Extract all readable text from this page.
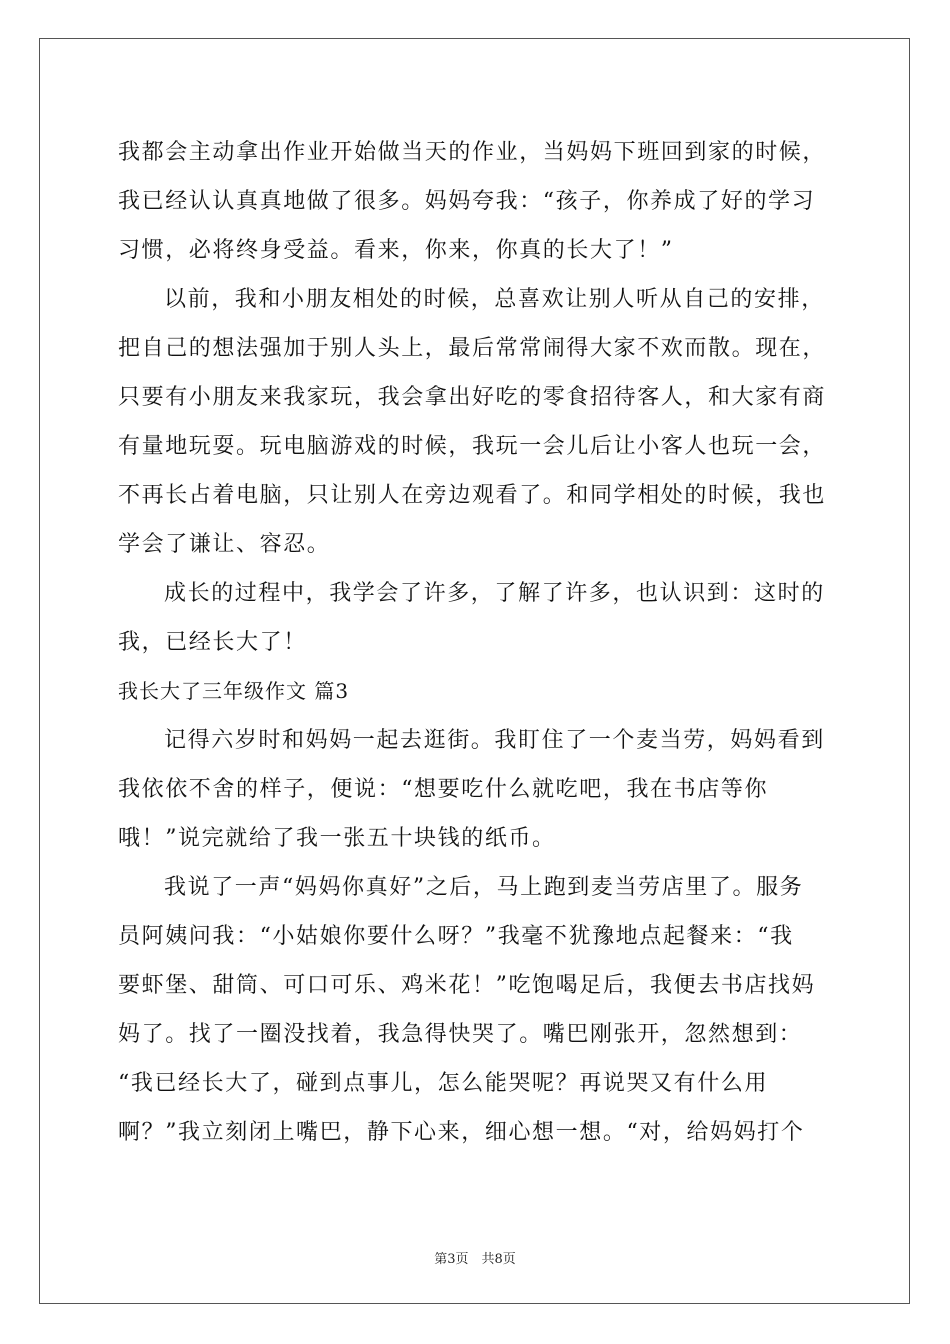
我都会主动拿出作业开始做当天的作业，当妈妈下班回到家的时候，
我已经认认真真地做了很多。妈妈夸我：“孩子，你养成了好的学习
习惯，必将终身受益。看来，你来，你真的长大了！”
以前，我和小朋友相处的时候，总喜欢让别人听从自己的安排，
把自己的想法强加于别人头上，最后常常闹得大家不欢而散。现在，
只要有小朋友来我家玩，我会拿出好吃的零食招待客人，和大家有商
有量地玩耍。玩电脑游戏的时候，我玩一会儿后让小客人也玩一会，
不再长占着电脑，只让别人在旁边观看了。和同学相处的时候，我也
学会了谦让、容忍。
成长的过程中，我学会了许多，了解了许多，也认识到：这时的
我，已经长大了！
我长大了三年级作文 篇3
记得六岁时和妈妈一起去逛街。我盯住了一个麦当劳，妈妈看到
我依依不舍的样子，便说：“想要吃什么就吃吧，我在书店等你
哦！”说完就给了我一张五十块钱的纸币。
我说了一声“妈妈你真好”之后，马上跑到麦当劳店里了。服务
员阿姨问我：“小姑娘你要什么呀？”我毫不犹豫地点起餐来：“我
要虾堡、甜筒、可口可乐、鸡米花！”吃饱喝足后，我便去书店找妈
妈了。找了一圈没找着，我急得快哭了。嘴巴刚张开，忽然想到：
“我已经长大了，碰到点事儿，怎么能哭呢？再说哭又有什么用
啊？”我立刻闭上嘴巴，静下心来，细心想一想。“对，给妈妈打个
第3页　共8页
